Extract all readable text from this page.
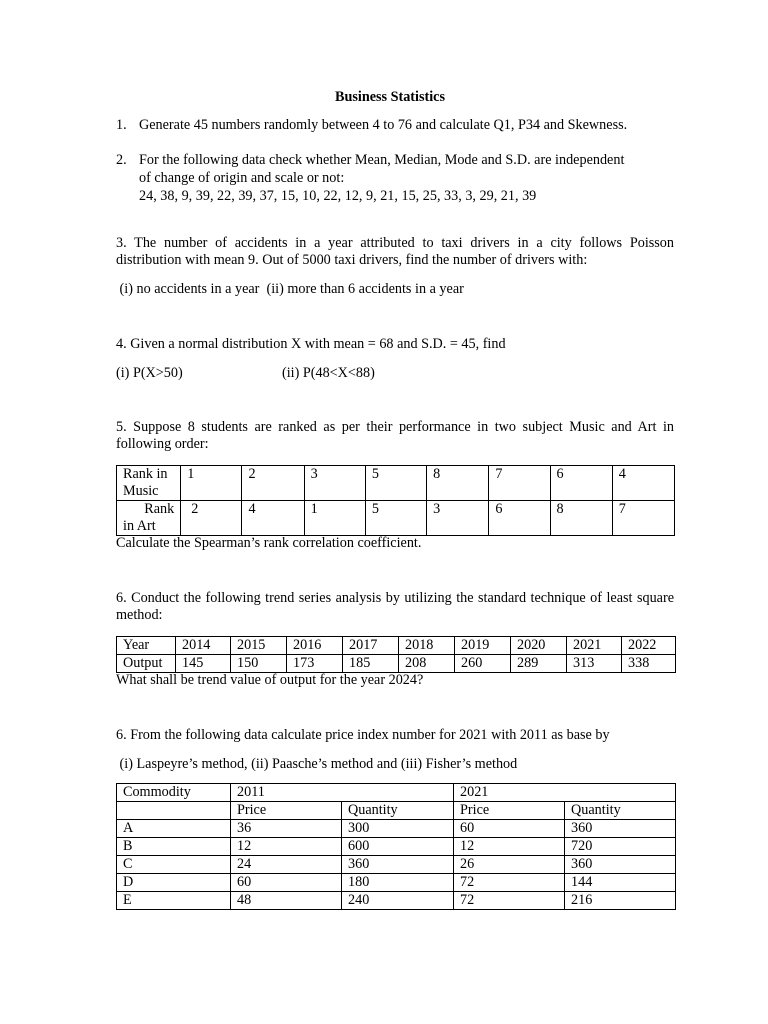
Business Statistics
1. Generate 45 numbers randomly between 4 to 76 and calculate Q1, P34 and Skewness.
2. For the following data check whether Mean, Median, Mode and S.D. are independent
of change of origin and scale or not:
24, 38, 9, 39, 22, 39, 37, 15, 10, 22, 12, 9, 21, 15, 25, 33, 3, 29, 21, 39
3. The number of accidents in a year attributed to taxi drivers in a city follows Poisson distribution with mean 9. Out of 5000 taxi drivers, find the number of drivers with:
(i) no accidents in a year  (ii) more than 6 accidents in a year
4. Given a normal distribution X with mean = 68 and S.D. = 45, find
(i) P(X>50)	(ii) P(48<X<88)
5. Suppose 8 students are ranked as per their performance in two subject Music and Art in following order:
Rank in
Music	1	2	3	5	8	7	6	4

Rank
in Art	2	4	1	5	3	6	8	7
Calculate the Spearman’s rank correlation coefficient.
6. Conduct the following trend series analysis by utilizing the standard technique of least square method:
Year	2014	2015	2016	2017	2018	2019	2020	2021	2022
Output	145	150	173	185	208	260	289	313	338
What shall be trend value of output for the year 2024?
6. From the following data calculate price index number for 2021 with 2011 as base by
(i) Laspeyre’s method, (ii) Paasche’s method and (iii) Fisher’s method
Commodity	2011		2021	
	Price	Quantity	Price	Quantity
A	36	300	60	360
B	12	600	12	720
C	24	360	26	360
D	60	180	72	144
E	48	240	72	216
